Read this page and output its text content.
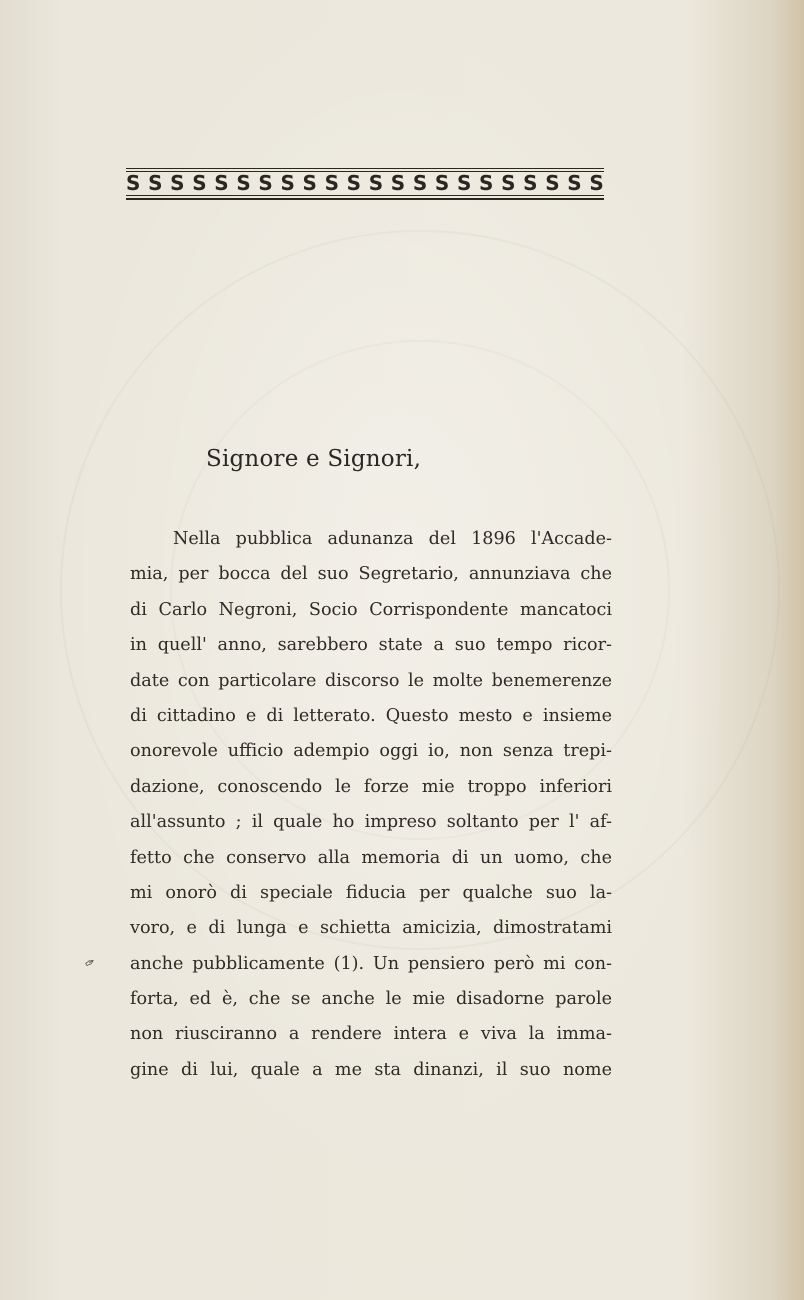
S S S S S S S S S S S S S S S S S S S S S S
Signore e Signori,
Nella pubblica adunanza del 1896 l'Accade-
mia, per bocca del suo Segretario, annunziava che
di Carlo Negroni, Socio Corrispondente mancatoci
in quell' anno, sarebbero state a suo tempo ricor-
date con particolare discorso le molte benemerenze
di cittadino e di letterato. Questo mesto e insieme
onorevole ufficio adempio oggi io, non senza trepi-
dazione, conoscendo le forze mie troppo inferiori
all'assunto ; il quale ho impreso soltanto per l' af-
fetto che conservo alla memoria di un uomo, che
mi onorò di speciale fiducia per qualche suo la-
voro, e di lunga e schietta amicizia, dimostratami
anche pubblicamente (1). Un pensiero però mi con-
forta, ed è, che se anche le mie disadorne parole
non riusciranno a rendere intera e viva la imma-
gine di lui, quale a me sta dinanzi, il suo nome
✑
